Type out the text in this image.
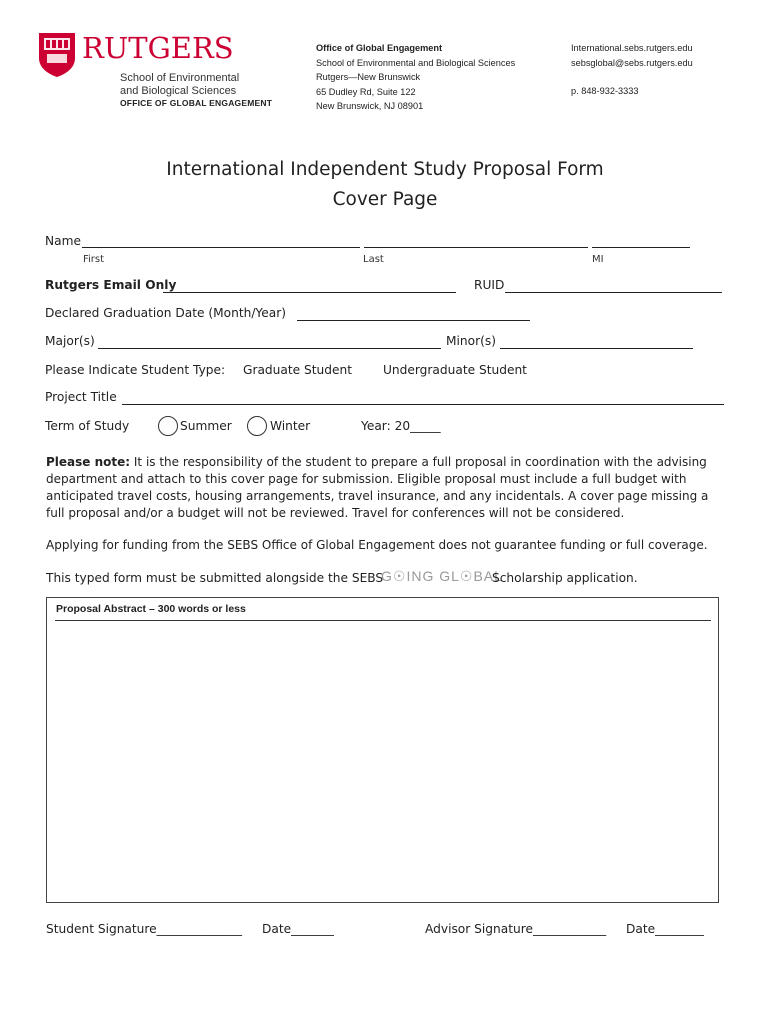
RUTGERS
School of Environmental
and Biological Sciences
OFFICE OF GLOBAL ENGAGEMENT
Office of Global Engagement
School of Environmental and Biological Sciences
Rutgers—New Brunswick
65 Dudley Rd, Suite 122
New Brunswick, NJ 08901
International.sebs.rutgers.edu
sebsglobal@sebs.rutgers.edu
p. 848-932-3333
International Independent Study Proposal Form
Cover Page
Name
First	Last	MI
Rutgers Email Only	RUID
Declared Graduation Date (Month/Year)
Major(s)	Minor(s)
Please Indicate Student Type: Graduate Student	Undergraduate Student
Project Title
Term of Study	Summer	Winter	Year: 20_____
Please note: It is the responsibility of the student to prepare a full proposal in coordination with the advising department and attach to this cover page for submission. Eligible proposal must include a full budget with anticipated travel costs, housing arrangements, travel insurance, and any incidentals. A cover page missing a full proposal and/or a budget will not be reviewed. Travel for conferences will not be considered.
Applying for funding from the SEBS Office of Global Engagement does not guarantee funding or full coverage.
This typed form must be submitted alongside the SEBS
G☉ING GL☉BAL
Scholarship application.
Proposal Abstract – 300 words or less
Student Signature______________ Date_______	Advisor Signature____________ Date________
